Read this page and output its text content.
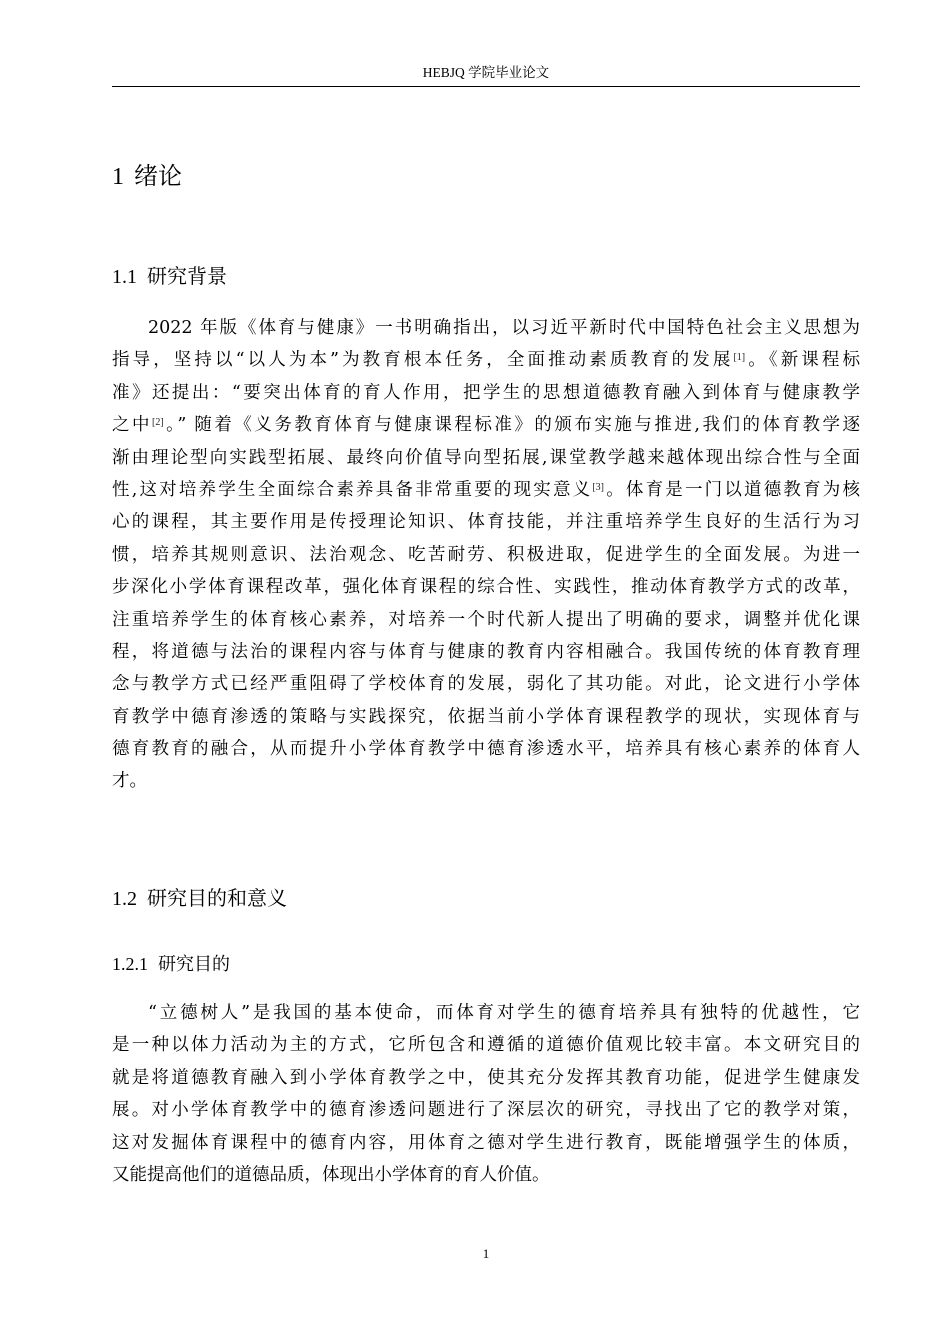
HEBJQ 学院毕业论文
1 绪论
1.1 研究背景
2022 年版《体育与健康》一书明确指出，以习近平新时代中国特色社会主义思想为
指导，坚持以“以人为本”为教育根本任务，全面推动素质教育的发展[1]。《新课程标
准》还提出：“要突出体育的育人作用，把学生的思想道德教育融入到体育与健康教学
之中[2]。” 随着《义务教育体育与健康课程标准》的颁布实施与推进,我们的体育教学逐
渐由理论型向实践型拓展、最终向价值导向型拓展,课堂教学越来越体现出综合性与全面
性,这对培养学生全面综合素养具备非常重要的现实意义[3]。体育是一门以道德教育为核
心的课程，其主要作用是传授理论知识、体育技能，并注重培养学生良好的生活行为习
惯，培养其规则意识、法治观念、吃苦耐劳、积极进取，促进学生的全面发展。为进一
步深化小学体育课程改革，强化体育课程的综合性、实践性，推动体育教学方式的改革，
注重培养学生的体育核心素养，对培养一个时代新人提出了明确的要求，调整并优化课
程，将道德与法治的课程内容与体育与健康的教育内容相融合。我国传统的体育教育理
念与教学方式已经严重阻碍了学校体育的发展，弱化了其功能。对此，论文进行小学体
育教学中德育渗透的策略与实践探究，依据当前小学体育课程教学的现状，实现体育与
德育教育的融合，从而提升小学体育教学中德育渗透水平，培养具有核心素养的体育人
才。
1.2 研究目的和意义
1.2.1 研究目的
“立德树人”是我国的基本使命，而体育对学生的德育培养具有独特的优越性，它
是一种以体力活动为主的方式，它所包含和遵循的道德价值观比较丰富。本文研究目的
就是将道德教育融入到小学体育教学之中，使其充分发挥其教育功能，促进学生健康发
展。对小学体育教学中的德育渗透问题进行了深层次的研究，寻找出了它的教学对策，
这对发掘体育课程中的德育内容，用体育之德对学生进行教育，既能增强学生的体质，
又能提高他们的道德品质，体现出小学体育的育人价值。
1
